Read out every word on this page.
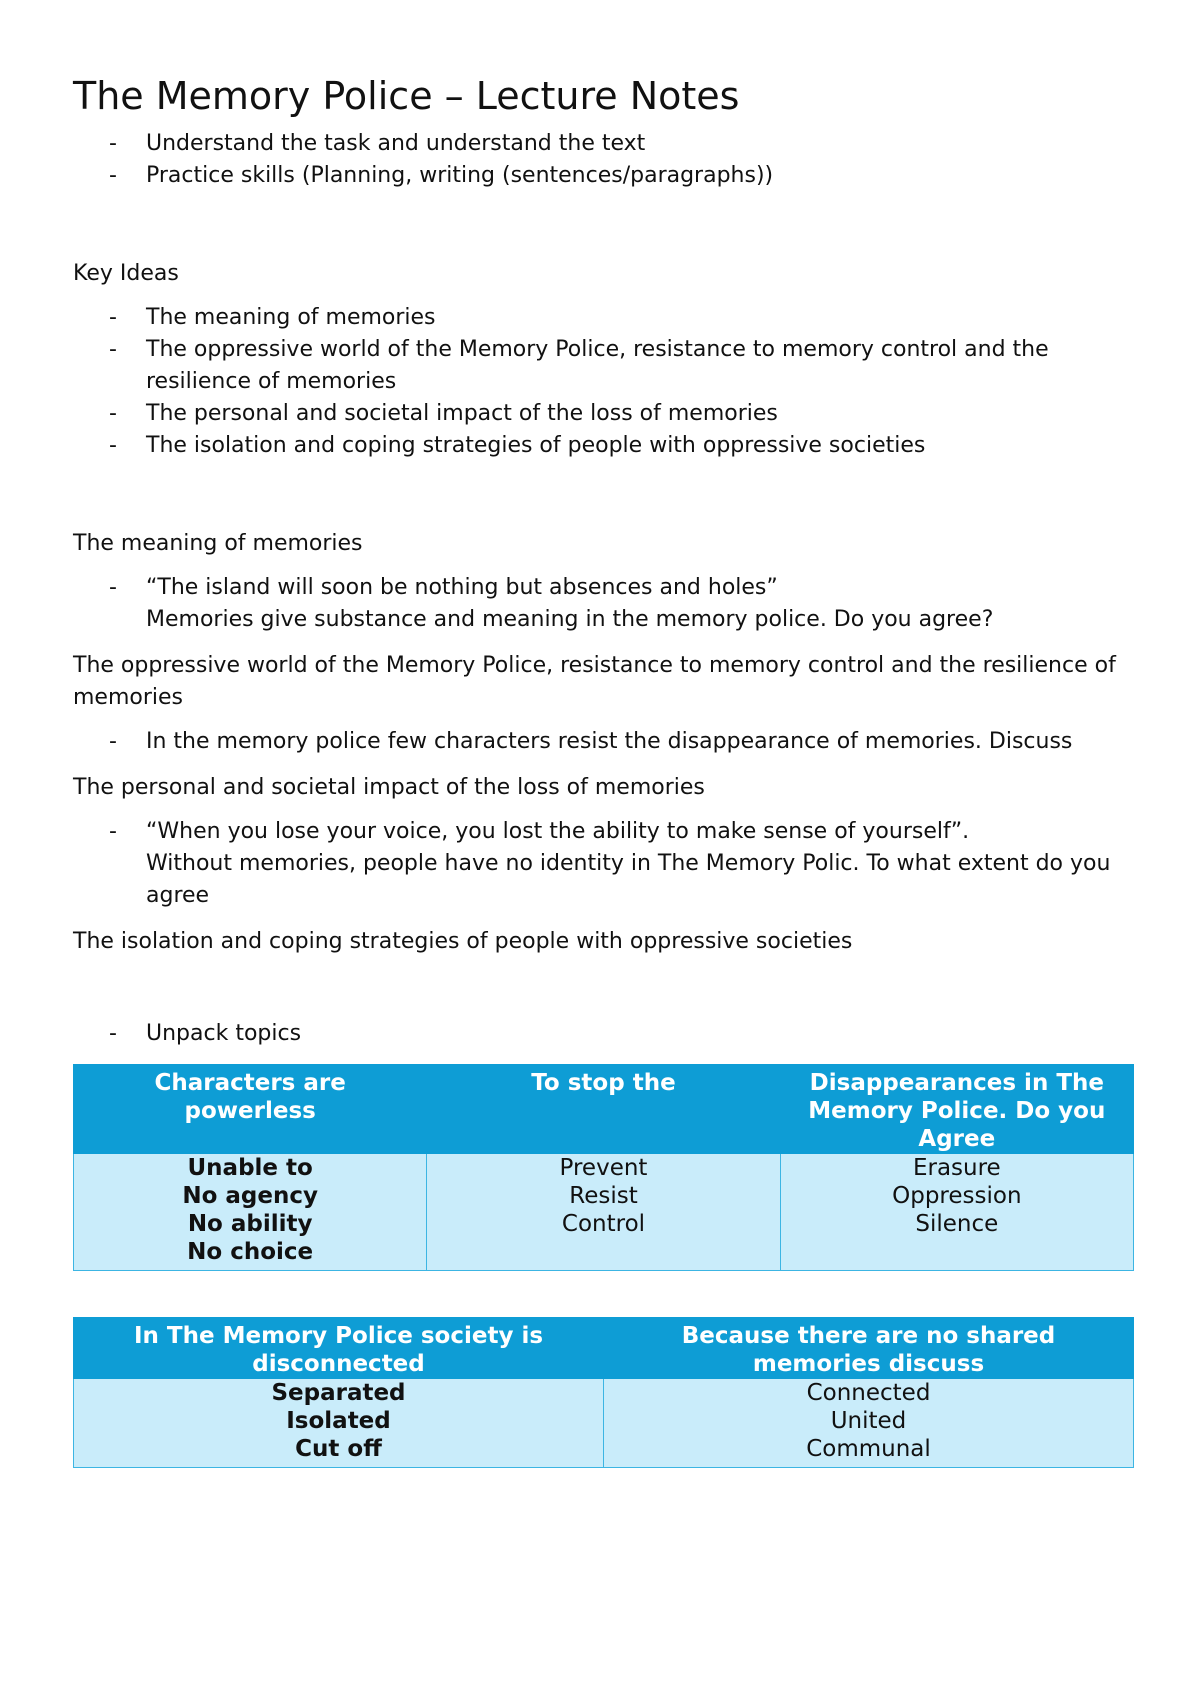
The Memory Police – Lecture Notes
- Understand the task and understand the text
- Practice skills (Planning, writing (sentences/paragraphs))

Key Ideas

- The meaning of memories
- The oppressive world of the Memory Police, resistance to memory control and the resilience of memories
- The personal and societal impact of the loss of memories
- The isolation and coping strategies of people with oppressive societies

The meaning of memories

- “The island will soon be nothing but absences and holes”
Memories give substance and meaning in the memory police. Do you agree?

The oppressive world of the Memory Police, resistance to memory control and the resilience of memories

- In the memory police few characters resist the disappearance of memories. Discuss

The personal and societal impact of the loss of memories

- “When you lose your voice, you lost the ability to make sense of yourself”.
Without memories, people have no identity in The Memory Polic. To what extent do you agree

The isolation and coping strategies of people with oppressive societies

- Unpack topics
Characters are powerless	To stop the	Disappearances in The Memory Police. Do you Agree

Unable to
No agency
No ability
No choice	Prevent
Resist
Control	Erasure
Oppression
Silence
In The Memory Police society is disconnected	Because there are no shared memories discuss

Separated
Isolated
Cut off	Connected
United
Communal
